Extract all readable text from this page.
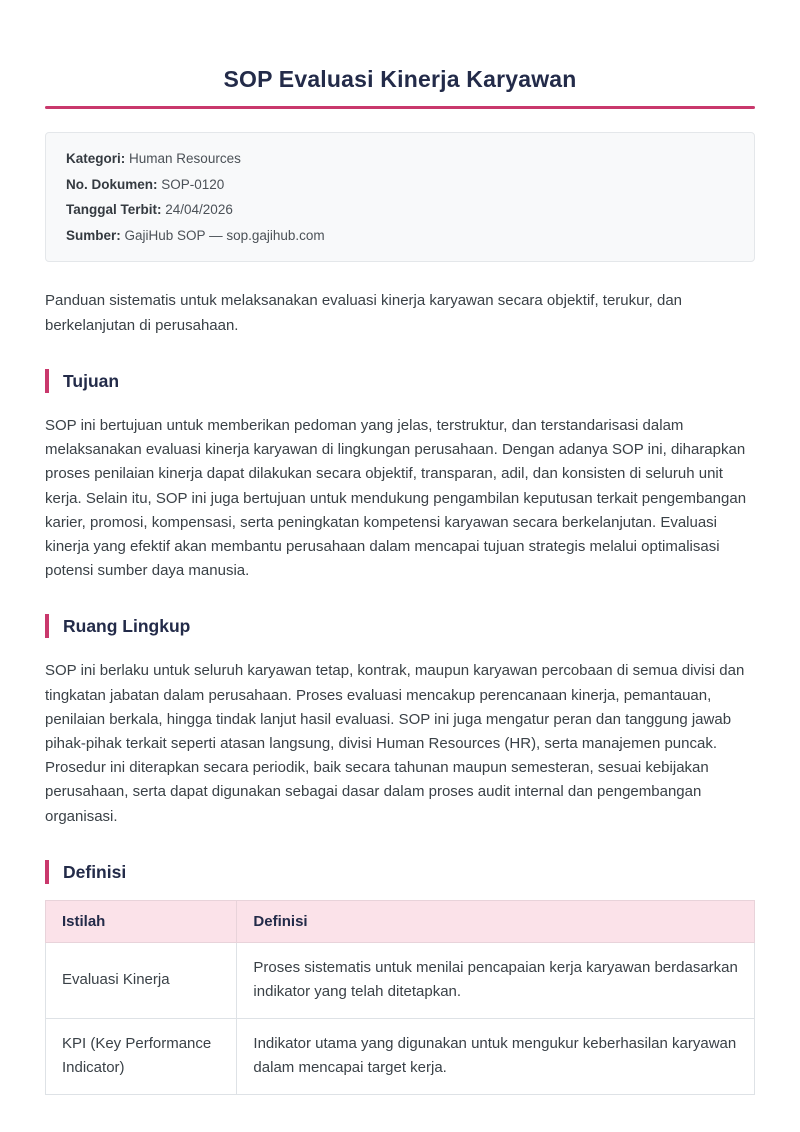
SOP Evaluasi Kinerja Karyawan
Kategori: Human Resources
No. Dokumen: SOP-0120
Tanggal Terbit: 24/04/2026
Sumber: GajiHub SOP — sop.gajihub.com

Panduan sistematis untuk melaksanakan evaluasi kinerja karyawan secara objektif, terukur, dan berkelanjutan di perusahaan.

Tujuan

SOP ini bertujuan untuk memberikan pedoman yang jelas, terstruktur, dan terstandarisasi dalam melaksanakan evaluasi kinerja karyawan di lingkungan perusahaan. Dengan adanya SOP ini, diharapkan proses penilaian kinerja dapat dilakukan secara objektif, transparan, adil, dan konsisten di seluruh unit kerja. Selain itu, SOP ini juga bertujuan untuk mendukung pengambilan keputusan terkait pengembangan karier, promosi, kompensasi, serta peningkatan kompetensi karyawan secara berkelanjutan. Evaluasi kinerja yang efektif akan membantu perusahaan dalam mencapai tujuan strategis melalui optimalisasi potensi sumber daya manusia.

Ruang Lingkup

SOP ini berlaku untuk seluruh karyawan tetap, kontrak, maupun karyawan percobaan di semua divisi dan tingkatan jabatan dalam perusahaan. Proses evaluasi mencakup perencanaan kinerja, pemantauan, penilaian berkala, hingga tindak lanjut hasil evaluasi. SOP ini juga mengatur peran dan tanggung jawab pihak-pihak terkait seperti atasan langsung, divisi Human Resources (HR), serta manajemen puncak. Prosedur ini diterapkan secara periodik, baik secara tahunan maupun semesteran, sesuai kebijakan perusahaan, serta dapat digunakan sebagai dasar dalam proses audit internal dan pengembangan organisasi.

Definisi
Istilah	Definisi
Evaluasi Kinerja	Proses sistematis untuk menilai pencapaian kerja karyawan berdasarkan indikator yang telah ditetapkan.
KPI (Key Performance Indicator)	Indikator utama yang digunakan untuk mengukur keberhasilan karyawan dalam mencapai target kerja.
